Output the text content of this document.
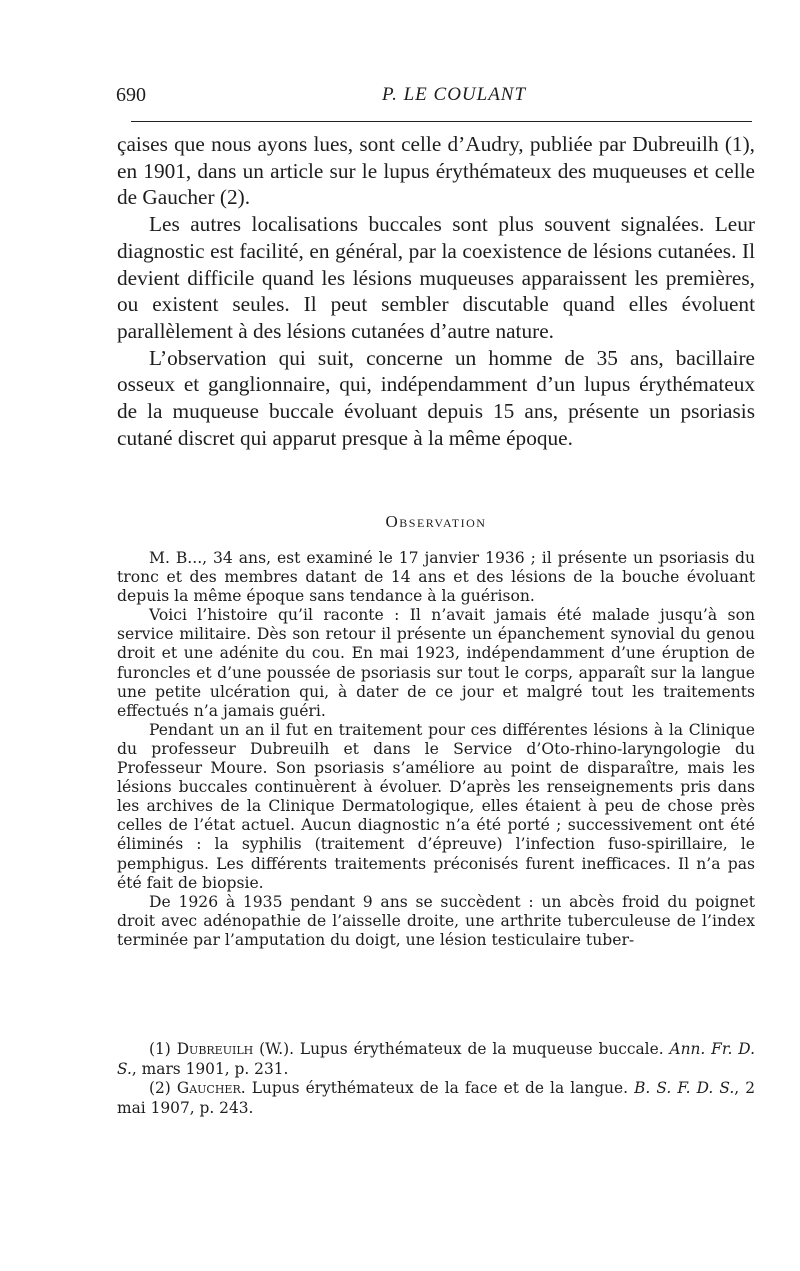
690	P. LE COULANT

çaises que nous ayons lues, sont celle d’Audry, publiée par Dubreuilh (1), en 1901, dans un article sur le lupus érythémateux des muqueuses et celle de Gaucher (2).

Les autres localisations buccales sont plus souvent signalées. Leur diagnostic est facilité, en général, par la coexistence de lésions cutanées. Il devient difficile quand les lésions muqueuses apparaissent les premières, ou existent seules. Il peut sembler discutable quand elles évoluent parallèlement à des lésions cutanées d’autre nature.

L’observation qui suit, concerne un homme de 35 ans, bacillaire osseux et ganglionnaire, qui, indépendamment d’un lupus érythémateux de la muqueuse buccale évoluant depuis 15 ans, présente un psoriasis cutané discret qui apparut presque à la même époque.

Observation

M. B..., 34 ans, est examiné le 17 janvier 1936 ; il présente un psoriasis du tronc et des membres datant de 14 ans et des lésions de la bouche évoluant depuis la même époque sans tendance à la guérison.

Voici l’histoire qu’il raconte : Il n’avait jamais été malade jusqu’à son service militaire. Dès son retour il présente un épanchement synovial du genou droit et une adénite du cou. En mai 1923, indépendamment d’une éruption de furoncles et d’une poussée de psoriasis sur tout le corps, apparaît sur la langue une petite ulcération qui, à dater de ce jour et malgré tout les traitements effectués n’a jamais guéri.

Pendant un an il fut en traitement pour ces différentes lésions à la Clinique du professeur Dubreuilh et dans le Service d’Oto-rhino-laryngologie du Professeur Moure. Son psoriasis s’améliore au point de disparaître, mais les lésions buccales continuèrent à évoluer. D’après les renseignements pris dans les archives de la Clinique Dermatologique, elles étaient à peu de chose près celles de l’état actuel. Aucun diagnostic n’a été porté ; successivement ont été éliminés : la syphilis (traitement d’épreuve) l’infection fuso-spirillaire, le pemphigus. Les différents traitements préconisés furent inefficaces. Il n’a pas été fait de biopsie.

De 1926 à 1935 pendant 9 ans se succèdent : un abcès froid du poignet droit avec adénopathie de l’aisselle droite, une arthrite tuberculeuse de l’index terminée par l’amputation du doigt, une lésion testiculaire tuber-

(1) Dubreuilh (W.). Lupus érythémateux de la muqueuse buccale. Ann. Fr. D. S., mars 1901, p. 231.

(2) Gaucher. Lupus érythémateux de la face et de la langue. B. S. F. D. S., 2 mai 1907, p. 243.
